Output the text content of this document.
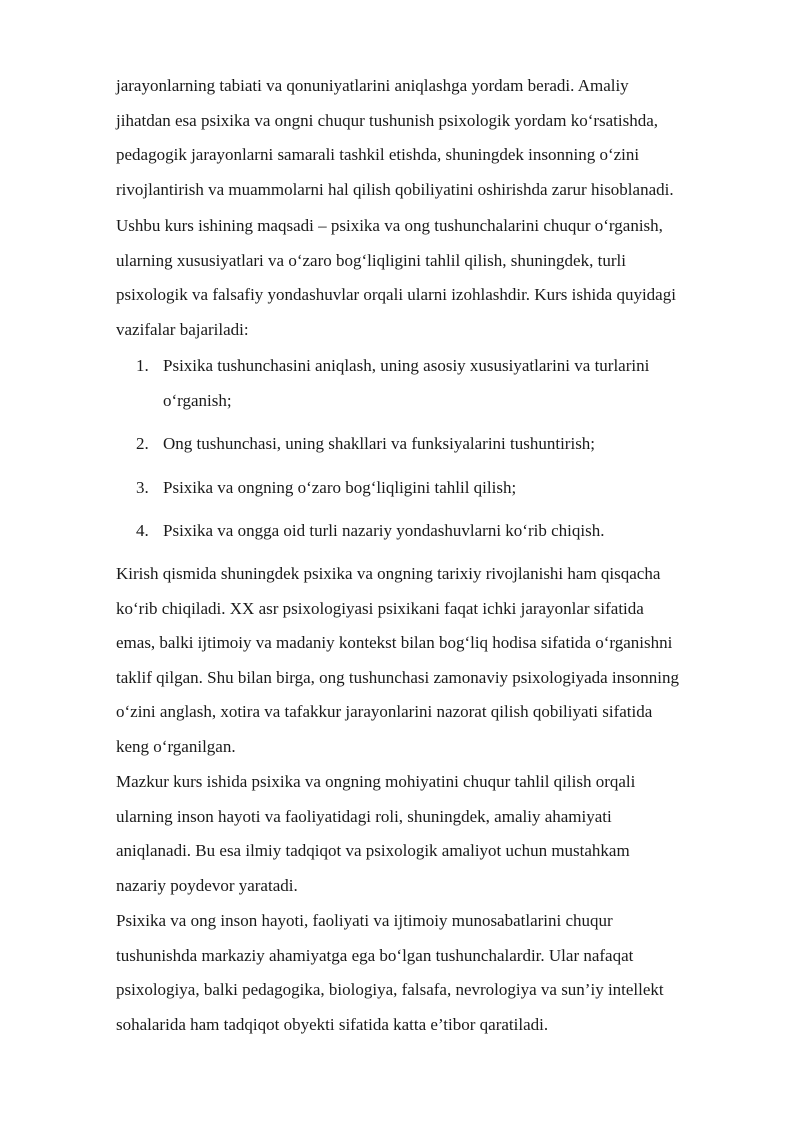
jarayonlarning tabiati va qonuniyatlarini aniqlashga yordam beradi. Amaliy
jihatdan esa psixika va ongni chuqur tushunish psixologik yordam ko‘rsatishda,
pedagogik jarayonlarni samarali tashkil etishda, shuningdek insonning o‘zini
rivojlantirish va muammolarni hal qilish qobiliyatini oshirishda zarur hisoblanadi.

Ushbu kurs ishining maqsadi – psixika va ong tushunchalarini chuqur o‘rganish,
ularning xususiyatlari va o‘zaro bog‘liqligini tahlil qilish, shuningdek, turli
psixologik va falsafiy yondashuvlar orqali ularni izohlashdir. Kurs ishida quyidagi
vazifalar bajariladi:

1. Psixika tushunchasini aniqlash, uning asosiy xususiyatlarini va turlarini
o‘rganish;
2. Ong tushunchasi, uning shakllari va funksiyalarini tushuntirish;
3. Psixika va ongning o‘zaro bog‘liqligini tahlil qilish;
4. Psixika va ongga oid turli nazariy yondashuvlarni ko‘rib chiqish.

Kirish qismida shuningdek psixika va ongning tarixiy rivojlanishi ham qisqacha
ko‘rib chiqiladi. XX asr psixologiyasi psixikani faqat ichki jarayonlar sifatida
emas, balki ijtimoiy va madaniy kontekst bilan bog‘liq hodisa sifatida o‘rganishni
taklif qilgan. Shu bilan birga, ong tushunchasi zamonaviy psixologiyada insonning
o‘zini anglash, xotira va tafakkur jarayonlarini nazorat qilish qobiliyati sifatida
keng o‘rganilgan.

Mazkur kurs ishida psixika va ongning mohiyatini chuqur tahlil qilish orqali
ularning inson hayoti va faoliyatidagi roli, shuningdek, amaliy ahamiyati
aniqlanadi. Bu esa ilmiy tadqiqot va psixologik amaliyot uchun mustahkam
nazariy poydevor yaratadi.

Psixika va ong inson hayoti, faoliyati va ijtimoiy munosabatlarini chuqur
tushunishda markaziy ahamiyatga ega bo‘lgan tushunchalardir. Ular nafaqat
psixologiya, balki pedagogika, biologiya, falsafa, nevrologiya va sun’iy intellekt
sohalarida ham tadqiqot obyekti sifatida katta e’tibor qaratiladi.
